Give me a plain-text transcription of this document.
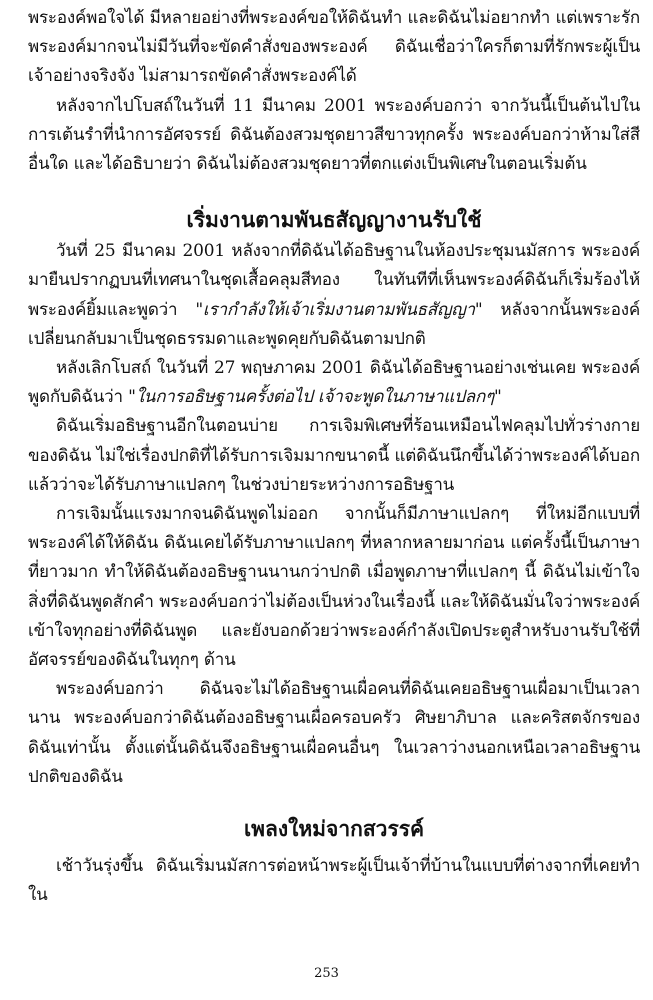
พระองค์พอใจได้ มีหลายอย่างที่พระองค์ขอให้ดิฉันทำ และดิฉันไม่อยากทำ แต่เพราะรักพระองค์มากจนไม่มีวันที่จะขัดคำสั่งของพระองค์ ดิฉันเชื่อว่าใครก็ตามที่รักพระผู้เป็นเจ้าอย่างจริงจัง ไม่สามารถขัดคำสั่งพระองค์ได้

หลังจากไปโบสถ์ในวันที่ 11 มีนาคม 2001 พระองค์บอกว่า จากวันนี้เป็นต้นไปในการเต้นรำที่นำการอัศจรรย์ ดิฉันต้องสวมชุดยาวสีขาวทุกครั้ง พระองค์บอกว่าห้ามใส่สีอื่นใด และได้อธิบายว่า ดิฉันไม่ต้องสวมชุดยาวที่ตกแต่งเป็นพิเศษในตอนเริ่มต้น

เริ่มงานตามพันธสัญญางานรับใช้

วันที่ 25 มีนาคม 2001 หลังจากที่ดิฉันได้อธิษฐานในห้องประชุมนมัสการ พระองค์มายืนปรากฏบนที่เทศนาในชุดเสื้อคลุมสีทอง ในทันทีที่เห็นพระองค์ดิฉันก็เริ่มร้องไห้ พระองค์ยิ้มและพูดว่า "เรากำลังให้เจ้าเริ่มงานตามพันธสัญญา" หลังจากนั้นพระองค์เปลี่ยนกลับมาเป็นชุดธรรมดาและพูดคุยกับดิฉันตามปกติ

หลังเลิกโบสถ์ ในวันที่ 27 พฤษภาคม 2001 ดิฉันได้อธิษฐานอย่างเช่นเคย พระองค์พูดกับดิฉันว่า "ในการอธิษฐานครั้งต่อไป เจ้าจะพูดในภาษาแปลกๆ"

ดิฉันเริ่มอธิษฐานอีกในตอนบ่าย การเจิมพิเศษที่ร้อนเหมือนไฟคลุมไปทั่วร่างกายของดิฉัน ไม่ใช่เรื่องปกติที่ได้รับการเจิมมากขนาดนี้ แต่ดิฉันนึกขึ้นได้ว่าพระองค์ได้บอกแล้วว่าจะได้รับภาษาแปลกๆ ในช่วงบ่ายระหว่างการอธิษฐาน

การเจิมนั้นแรงมากจนดิฉันพูดไม่ออก จากนั้นก็มีภาษาแปลกๆ ที่ใหม่อีกแบบที่พระองค์ได้ให้ดิฉัน ดิฉันเคยได้รับภาษาแปลกๆ ที่หลากหลายมาก่อน แต่ครั้งนี้เป็นภาษาที่ยาวมาก ทำให้ดิฉันต้องอธิษฐานนานกว่าปกติ เมื่อพูดภาษาที่แปลกๆ นี้ ดิฉันไม่เข้าใจสิ่งที่ดิฉันพูดสักคำ พระองค์บอกว่าไม่ต้องเป็นห่วงในเรื่องนี้ และให้ดิฉันมั่นใจว่าพระองค์เข้าใจทุกอย่างที่ดิฉันพูด และยังบอกด้วยว่าพระองค์กำลังเปิดประตูสำหรับงานรับใช้ที่อัศจรรย์ของดิฉันในทุกๆ ด้าน

พระองค์บอกว่า ดิฉันจะไม่ได้อธิษฐานเผื่อคนที่ดิฉันเคยอธิษฐานเผื่อมาเป็นเวลานาน พระองค์บอกว่าดิฉันต้องอธิษฐานเผื่อครอบครัว ศิษยาภิบาล และคริสตจักรของดิฉันเท่านั้น ตั้งแต่นั้นดิฉันจึงอธิษฐานเผื่อคนอื่นๆ ในเวลาว่างนอกเหนือเวลาอธิษฐานปกติของดิฉัน

เพลงใหม่จากสวรรค์

เช้าวันรุ่งขึ้น ดิฉันเริ่มนมัสการต่อหน้าพระผู้เป็นเจ้าที่บ้านในแบบที่ต่างจากที่เคยทำใน

253
